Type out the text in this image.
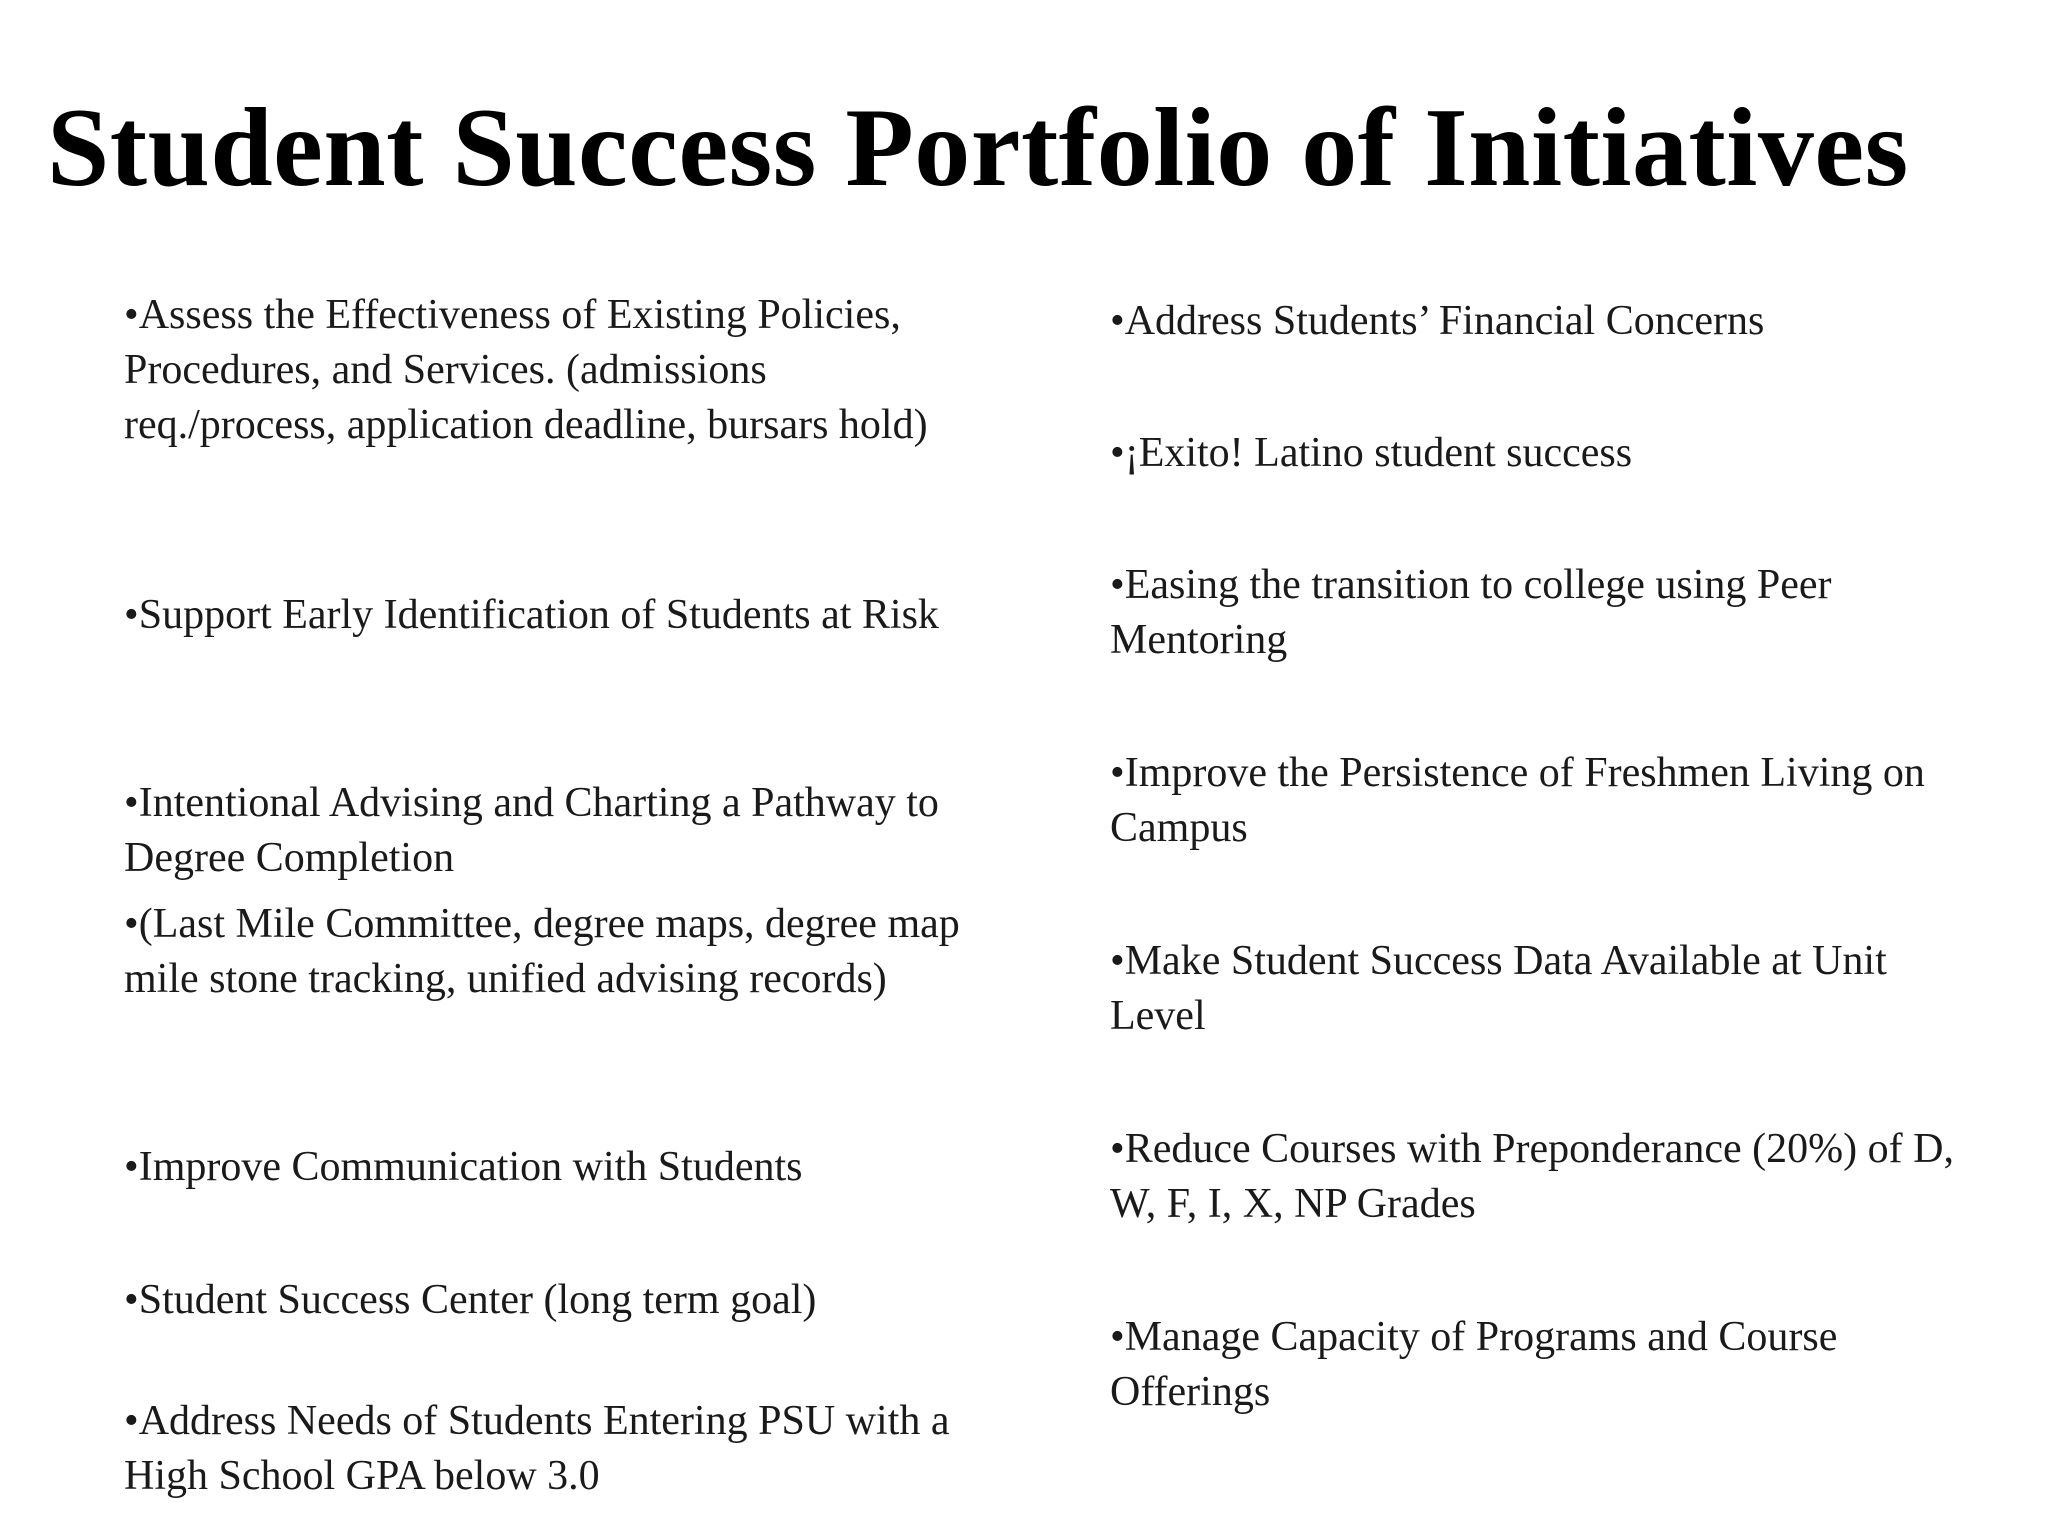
Student Success Portfolio of Initiatives
•Assess the Effectiveness of Existing Policies, Procedures, and Services. (admissions req./process, application deadline, bursars hold)
•Support Early Identification of Students at Risk
•Intentional Advising and Charting a Pathway to Degree Completion
•(Last Mile Committee, degree maps, degree map mile stone tracking, unified advising records)
•Improve Communication with Students
•Student Success Center (long term goal)
•Address Needs of Students Entering PSU with a High School GPA below 3.0
•Address Students’ Financial Concerns
•¡Exito! Latino student success
•Easing the transition to college using Peer Mentoring
•Improve the Persistence of Freshmen Living on Campus
•Make Student Success Data Available at Unit Level
•Reduce Courses with Preponderance (20%) of D, W, F, I, X, NP Grades
•Manage Capacity of Programs and Course Offerings
